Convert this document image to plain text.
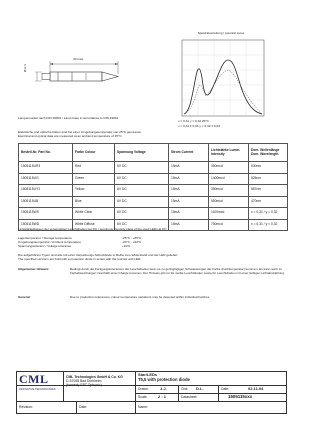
30 max.
Ø 6.4
Lampensockel nach DIN 49801 / Lamp base in accordance to DIN 49801
Spektralverteilung / spectral curve
x = 0.31 y = 0.32 25°C
x = 0,31 ± 0,03 y = 0,32 ± 0,03
Elektrische und optische Daten sind bei einer Umgebungstemperatur von 25°C gemessen.
Electrical and optical data are measured at an ambient temperature of 25°C.
Bestell-Nr. Part No.	Farbe Colour	Spannung Voltage	Strom Current	Lichtstärke Lumin. Intensity	Dom. Wellenlänge Dom. Wavelength
1505115UR3	Red	6V DC	15mA	350mcd	630nm
1505115UG	Green	6V DC	15mA	1400mcd	525nm
1505115UY3	Yellow	6V DC	15mA	350mcd	587nm
1505115UB	Blue	6V DC	15mA	550mcd	470nm
1505115WS	White Clear	6V DC	15mA	1100mcd	x = 0,31 / y = 0,32
1505115WD	White Diffuse	6V DC	15mA	750mcd	x = 0,31 / y = 0,32
Lichtstärkeklassen der verwendeten Leuchtdioden bei DC / Luminous intensity class of the used LEDs at DC
Lagertemperatur / Storage temperature	-25°C - +85°C
Umgebungstemperatur / Ambient temperature	-20°C - +60°C
Spannungstoleranz / Voltage tolerance	+10%
Die aufgeführten Typen sind alle mit einer Verpackungs-Schutzdiode in Reihe zum Widerstand und der LED geliefert.
The specified versions are built with a protection diode in series with the resistor and LED.
Allgemeiner Hinweis:	Bedingt durch die Fertigungstoleranzen der Leuchtdioden kann es zu geringfügigen Schwankungen der Farbe (Farbtemperatur) kommen. Es kann auch zu Farbabweichungen innerhalb einer Charge kommen. Der Hinweis gilt nur für weiße Leuchtdioden sowie für Leuchtdioden mit einer farbigen Lichtabstrahlung.
General:	Due to production tolerances, colour temperature variations may be detected within individual batches.
CML
INNOVATIVE TECHNOLOGIES
CML Technologies GmbH & Co. KG
D-67098 Bad Dürkheim
(formerly EBT Optronic)
Star/LEDs
T5,5 with protection diode
Drawn:	J.J.	Chd: D.L.	Date:	02.11.04
Scale:	2 : 1	Datasheet:	1505115xxx
Revision:	Date:	Name:
